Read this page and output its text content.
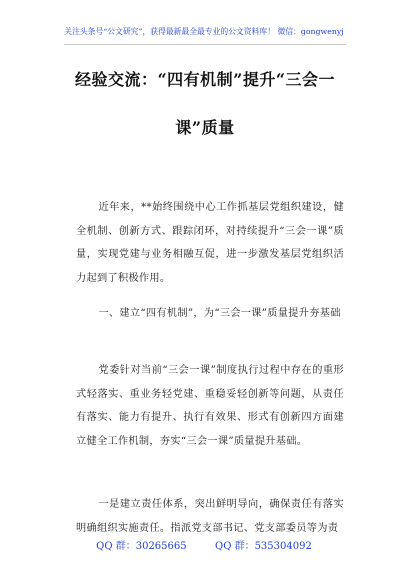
关注头条号“公文研究”，获得最新最全最专业的公文资料库！ 微信：gongwenyj
经验交流：“四有机制”提升“三会一
课”质量
近年来，**始终围绕中心工作抓基层党组织建设，健全机制、创新方式、跟踪闭环，对持续提升“三会一课”质量，实现党建与业务相融互促，进一步激发基层党组织活力起到了积极作用。
一、建立“四有机制”，为“三会一课”质量提升夯基础
党委针对当前“三会一课”制度执行过程中存在的重形式轻落实、重业务轻党建、重稳妥轻创新等问题，从责任有落实、能力有提升、执行有效果、形式有创新四方面建立健全工作机制，夯实“三会一课”质量提升基础。
一是建立责任体系，突出鲜明导向，确保责任有落实明确组织实施责任。指派党支部书记、党支部委员等为责
QQ 群：30265665	QQ 群：535304092
